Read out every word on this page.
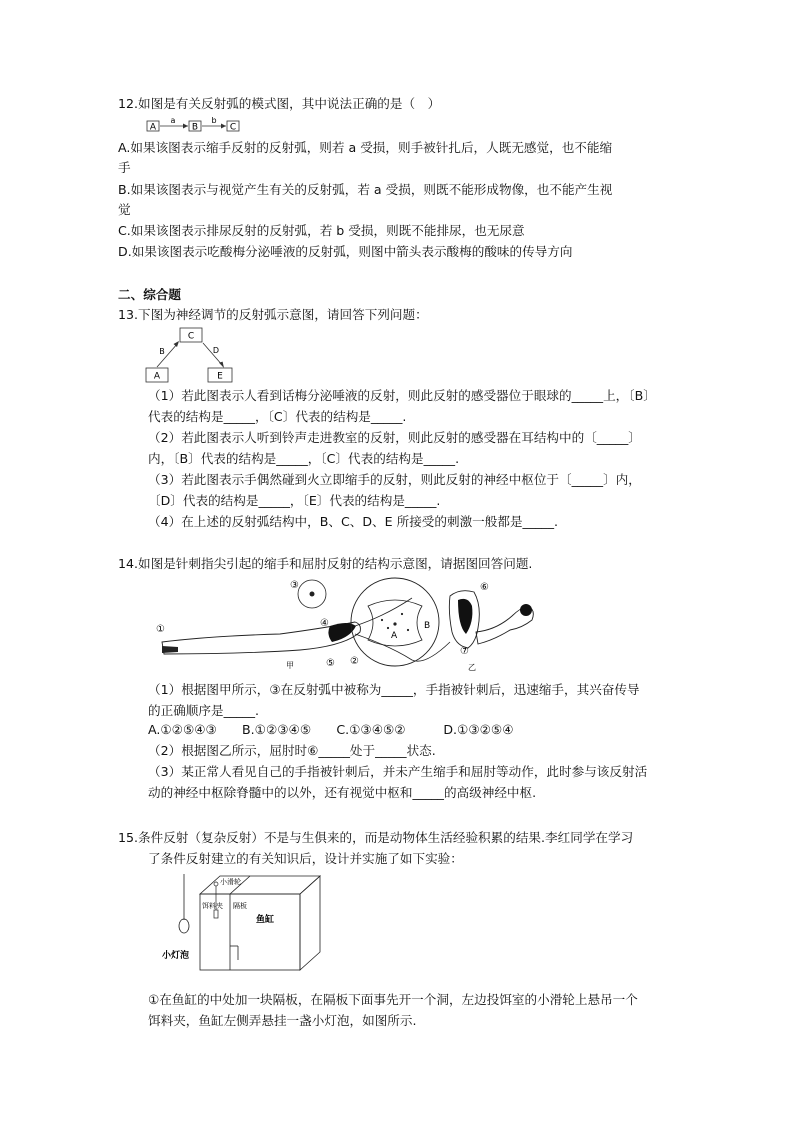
12.如图是有关反射弧的模式图，其中说法正确的是（　）
A
a
B
b
C
A.如果该图表示缩手反射的反射弧，则若 a 受损，则手被针扎后，人既无感觉，也不能缩
手
B.如果该图表示与视觉产生有关的反射弧，若 a 受损，则既不能形成物像，也不能产生视
觉
C.如果该图表示排尿反射的反射弧，若 b 受损，则既不能排尿，也无尿意
D.如果该图表示吃酸梅分泌唾液的反射弧，则图中箭头表示酸梅的酸味的传导方向
二、综合题
13.下图为神经调节的反射弧示意图，请回答下列问题：
C
B	D
A	E
（1）若此图表示人看到话梅分泌唾液的反射，则此反射的感受器位于眼球的_____上，〔B〕
代表的结构是_____，〔C〕代表的结构是_____.
（2）若此图表示人听到铃声走进教室的反射，则此反射的感受器在耳结构中的〔_____〕
内，〔B〕代表的结构是_____，〔C〕代表的结构是_____.
（3）若此图表示手偶然碰到火立即缩手的反射，则此反射的神经中枢位于〔_____〕内，
〔D〕代表的结构是_____，〔E〕代表的结构是_____.
（4）在上述的反射弧结构中，B、C、D、E 所接受的刺激一般都是_____.
14.如图是针刺指尖引起的缩手和屈肘反射的结构示意图，请据图回答问题.
①
②
甲
③
A
B
④
⑤
⑦
⑥
乙
（1）根据图甲所示，③在反射弧中被称为_____，手指被针刺后，迅速缩手，其兴奋传导
的正确顺序是_____.
A.①②⑤④③　　B.①②③④⑤　　C.①③④⑤②　　　D.①③②⑤④
（2）根据图乙所示，屈肘时⑥_____处于_____状态.
（3）某正常人看见自己的手指被针刺后，并未产生缩手和屈肘等动作，此时参与该反射活
动的神经中枢除脊髓中的以外，还有视觉中枢和_____的高级神经中枢.
15.条件反射（复杂反射）不是与生俱来的，而是动物体生活经验积累的结果.李红同学在学习
了条件反射建立的有关知识后，设计并实施了如下实验：
小灯泡
小滑轮
饵料夹 隔板
鱼缸
①在鱼缸的中处加一块隔板，在隔板下面事先开一个洞，左边投饵室的小滑轮上悬吊一个
饵料夹，鱼缸左侧弄悬挂一盏小灯泡，如图所示.
